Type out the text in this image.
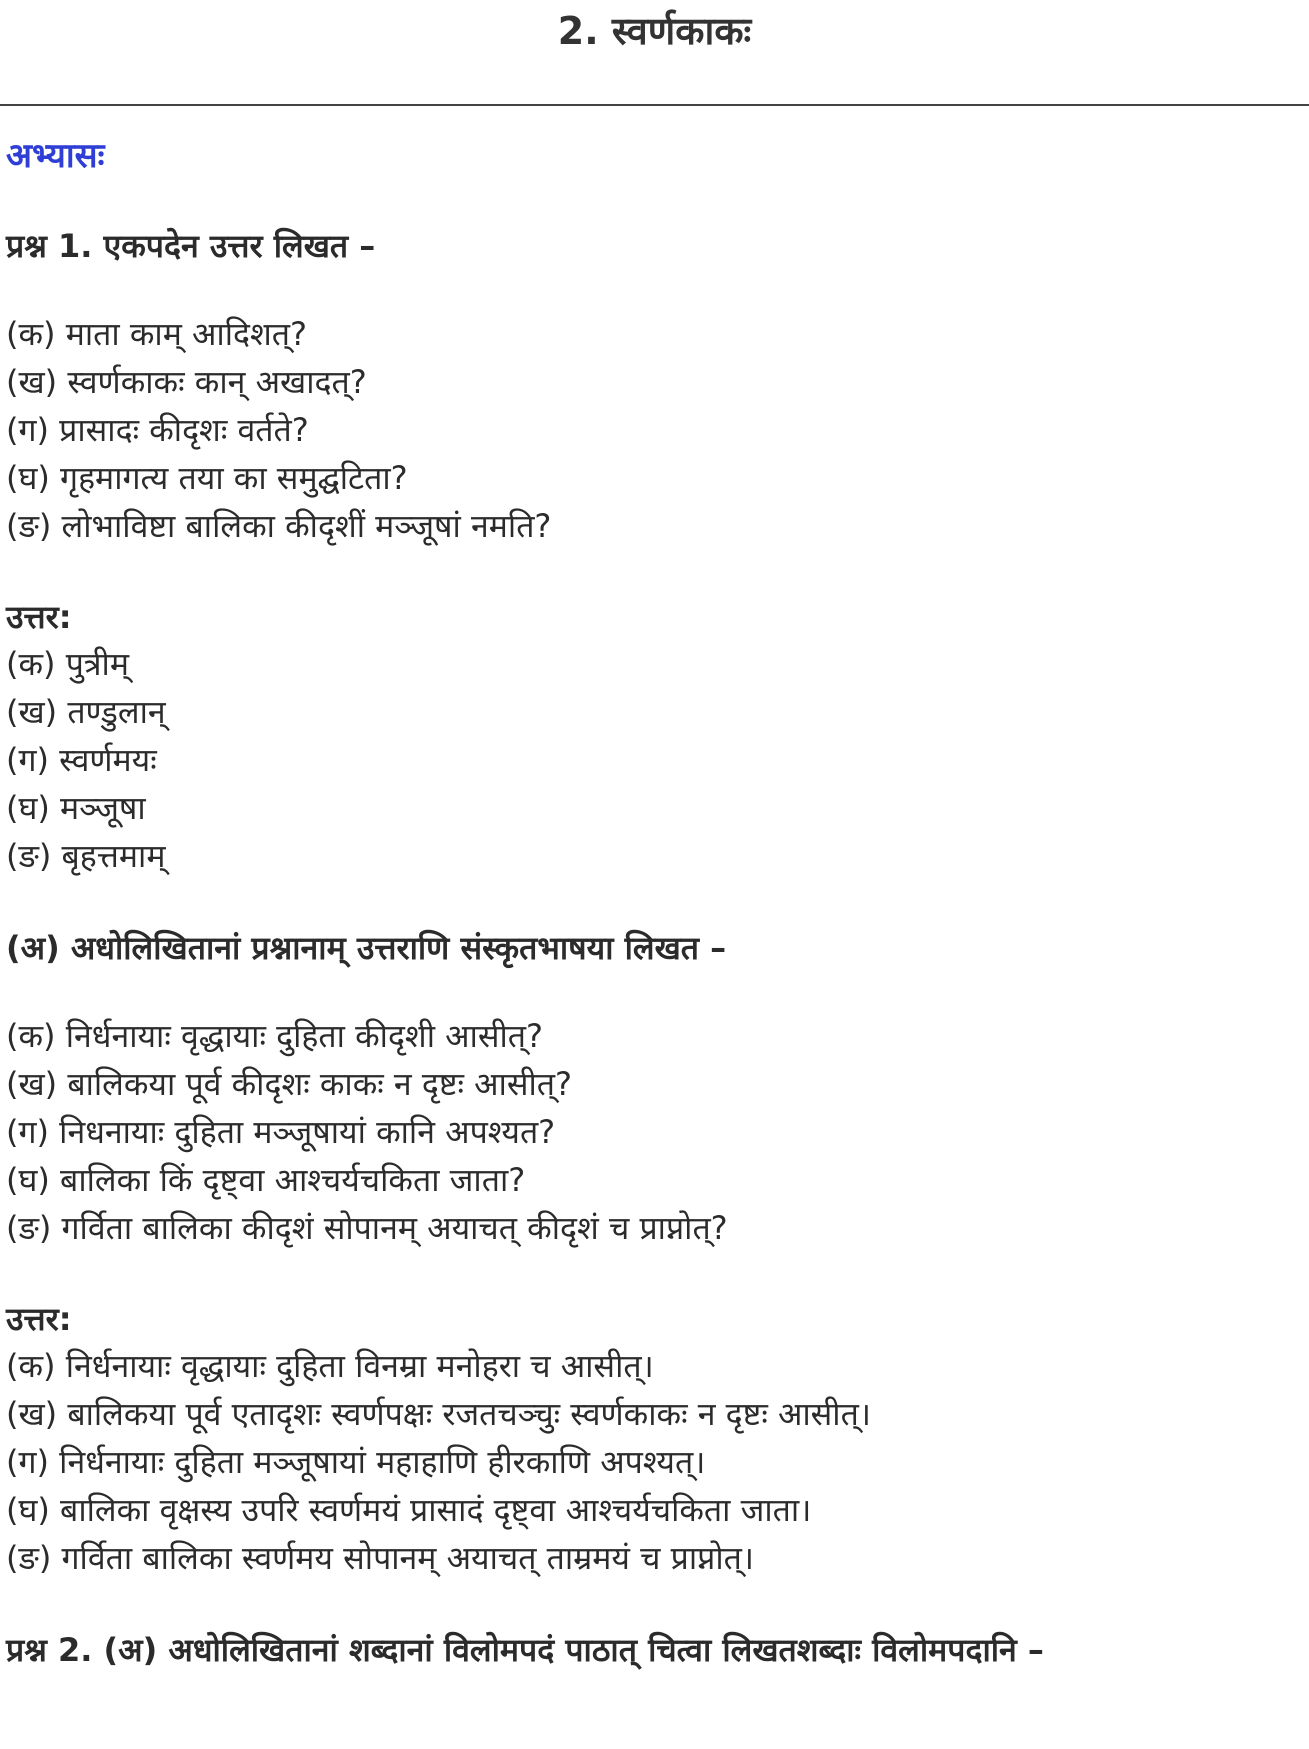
2. स्वर्णकाकः
अभ्यासः
प्रश्न 1. एकपदेन उत्तर लिखत –
(क) माता काम् आदिशत्?
(ख) स्वर्णकाकः कान् अखादत्?
(ग) प्रासादः कीदृशः वर्तते?
(घ) गृहमागत्य तया का समुद्घटिता?
(ङ) लोभाविष्टा बालिका कीदृशीं मञ्जूषां नमति?
उत्तर:
(क) पुत्रीम्
(ख) तण्डुलान्
(ग) स्वर्णमयः
(घ) मञ्जूषा
(ङ) बृहत्तमाम्
(अ) अधोलिखितानां प्रश्नानाम् उत्तराणि संस्कृतभाषया लिखत –
(क) निर्धनायाः वृद्धायाः दुहिता कीदृशी आसीत्?
(ख) बालिकया पूर्व कीदृशः काकः न दृष्टः आसीत्?
(ग) निधनायाः दुहिता मञ्जूषायां कानि अपश्यत?
(घ) बालिका किं दृष्ट्वा आश्चर्यचकिता जाता?
(ङ) गर्विता बालिका कीदृशं सोपानम् अयाचत् कीदृशं च प्राप्नोत्?
उत्तर:
(क) निर्धनायाः वृद्धायाः दुहिता विनम्रा मनोहरा च आसीत्।
(ख) बालिकया पूर्व एतादृशः स्वर्णपक्षः रजतचञ्चुः स्वर्णकाकः न दृष्टः आसीत्।
(ग) निर्धनायाः दुहिता मञ्जूषायां महाहाणि हीरकाणि अपश्यत्।
(घ) बालिका वृक्षस्य उपरि स्वर्णमयं प्रासादं दृष्ट्वा आश्चर्यचकिता जाता।
(ङ) गर्विता बालिका स्वर्णमय सोपानम् अयाचत् ताम्रमयं च प्राप्नोत्।
प्रश्न 2. (अ) अधोलिखितानां शब्दानां विलोमपदं पाठात् चित्वा लिखतशब्दाः विलोमपदानि –
